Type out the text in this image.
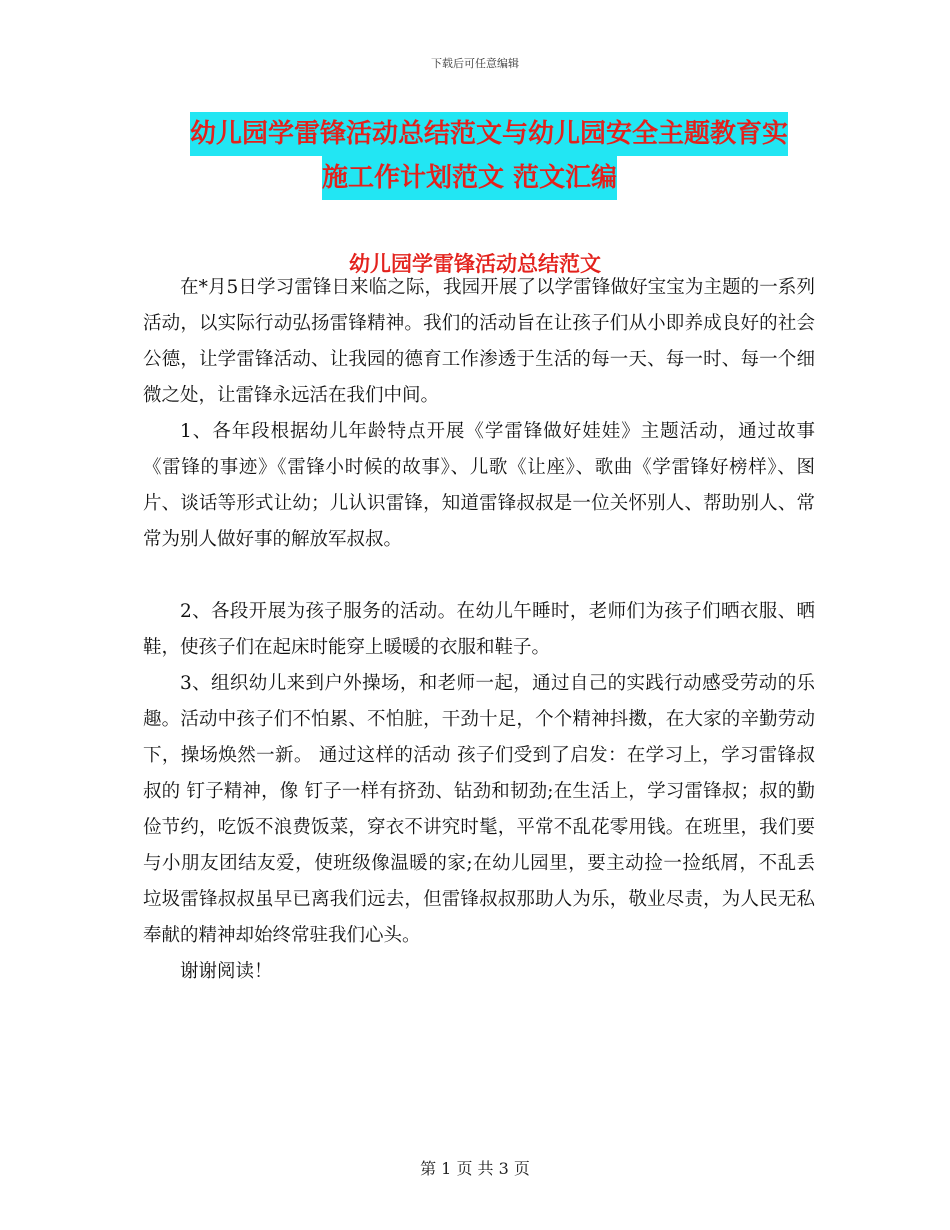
下载后可任意编辑
幼儿园学雷锋活动总结范文与幼儿园安全主题教育实
施工作计划范文 范文汇编
幼儿园学雷锋活动总结范文

在*月5日学习雷锋日来临之际，我园开展了以学雷锋做好宝宝为主题的一系列活动，以实际行动弘扬雷锋精神。我们的活动旨在让孩子们从小即养成良好的社会公德，让学雷锋活动、让我园的德育工作渗透于生活的每一天、每一时、每一个细微之处，让雷锋永远活在我们中间。

1、各年段根据幼儿年龄特点开展《学雷锋做好娃娃》主题活动，通过故事《雷锋的事迹》《雷锋小时候的故事》、儿歌《让座》、歌曲《学雷锋好榜样》、图片、谈话等形式让幼；儿认识雷锋，知道雷锋叔叔是一位关怀别人、帮助别人、常常为别人做好事的解放军叔叔。

2、各段开展为孩子服务的活动。在幼儿午睡时，老师们为孩子们晒衣服、晒鞋，使孩子们在起床时能穿上暖暖的衣服和鞋子。

3、组织幼儿来到户外操场，和老师一起，通过自己的实践行动感受劳动的乐趣。活动中孩子们不怕累、不怕脏，干劲十足，个个精神抖擞，在大家的辛勤劳动下，操场焕然一新。 通过这样的活动 孩子们受到了启发：在学习上，学习雷锋叔叔的 钉子精神，像 钉子一样有挤劲、钻劲和韧劲;在生活上，学习雷锋叔；叔的勤俭节约，吃饭不浪费饭菜，穿衣不讲究时髦，平常不乱花零用钱。在班里，我们要与小朋友团结友爱，使班级像温暖的家;在幼儿园里，要主动捡一捡纸屑，不乱丢垃圾雷锋叔叔虽早已离我们远去，但雷锋叔叔那助人为乐，敬业尽责，为人民无私奉献的精神却始终常驻我们心头。

谢谢阅读！

第 1 页 共 3 页
